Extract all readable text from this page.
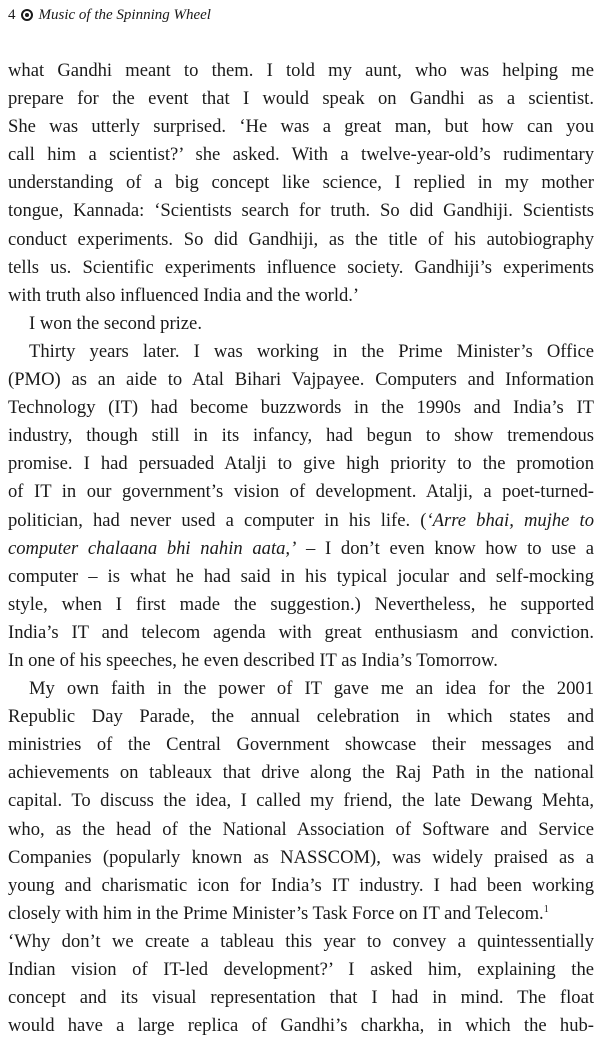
4 Music of the Spinning Wheel
what Gandhi meant to them. I told my aunt, who was helping me
prepare for the event that I would speak on Gandhi as a scientist.
She was utterly surprised. ‘He was a great man, but how can you
call him a scientist?’ she asked. With a twelve-year-old’s rudimentary
understanding of a big concept like science, I replied in my mother
tongue, Kannada: ‘Scientists search for truth. So did Gandhiji. Scientists
conduct experiments. So did Gandhiji, as the title of his autobiography
tells us. Scientific experiments influence society. Gandhiji’s experiments
with truth also influenced India and the world.’
I won the second prize.
Thirty years later. I was working in the Prime Minister’s Office
(PMO) as an aide to Atal Bihari Vajpayee. Computers and Information
Technology (IT) had become buzzwords in the 1990s and India’s IT
industry, though still in its infancy, had begun to show tremendous
promise. I had persuaded Atalji to give high priority to the promotion
of IT in our government’s vision of development. Atalji, a poet-turned-
politician, had never used a computer in his life. (‘Arre bhai, mujhe to
computer chalaana bhi nahin aata,’ – I don’t even know how to use a
computer – is what he had said in his typical jocular and self-mocking
style, when I first made the suggestion.) Nevertheless, he supported
India’s IT and telecom agenda with great enthusiasm and conviction.
In one of his speeches, he even described IT as India’s Tomorrow.
My own faith in the power of IT gave me an idea for the 2001
Republic Day Parade, the annual celebration in which states and
ministries of the Central Government showcase their messages and
achievements on tableaux that drive along the Raj Path in the national
capital. To discuss the idea, I called my friend, the late Dewang Mehta,
who, as the head of the National Association of Software and Service
Companies (popularly known as NASSCOM), was widely praised as a
young and charismatic icon for India’s IT industry. I had been working
closely with him in the Prime Minister’s Task Force on IT and Telecom.$^1$
‘Why don’t we create a tableau this year to convey a quintessentially
Indian vision of IT-led development?’ I asked him, explaining the
concept and its visual representation that I had in mind. The float
would have a large replica of Gandhi’s charkha, in which the hub-
